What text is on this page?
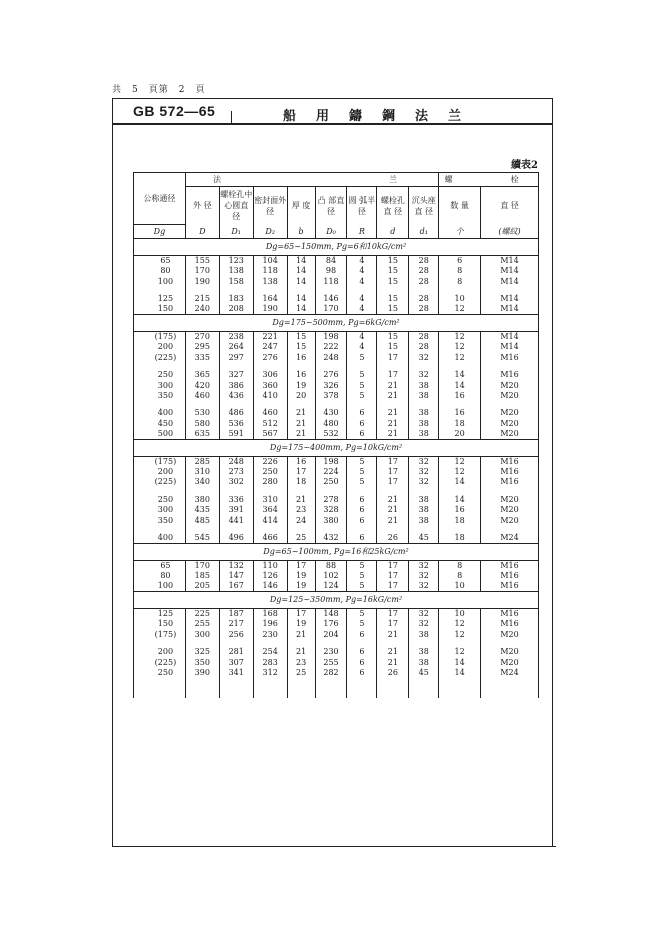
共 5 頁第 2 頁
GB 572—65	船用鑄鋼法兰
續表2
公称通径	法　　　　　　　兰								螺　　栓	
	外 径	螺栓孔中心圆直 径	密封面外 径	厚 度	凸 部直 径	圆 弧半 径	螺栓孔直 径	沉头座直 径	数 量	直 径
Dg	D	D₁	D₂	b	D₀	R	d	d₁	个	(螺紋)
Dg=65~150mm, Pg=6和10kG/cm²										
65	155	123	104	14	84	4	15	28	6	M14
80	170	138	118	14	98	4	15	28	8	M14
100	190	158	138	14	118	4	15	28	8	M14

125	215	183	164	14	146	4	15	28	10	M14
150	240	208	190	14	170	4	15	28	12	M14
Dg=175~500mm, Pg=6kG/cm²										
(175)	270	238	221	15	198	4	15	28	12	M14
200	295	264	247	15	222	4	15	28	12	M14
(225)	335	297	276	16	248	5	17	32	12	M16

250	365	327	306	16	276	5	17	32	14	M16
300	420	386	360	19	326	5	21	38	14	M20
350	460	436	410	20	378	5	21	38	16	M20

400	530	486	460	21	430	6	21	38	16	M20
450	580	536	512	21	480	6	21	38	18	M20
500	635	591	567	21	532	6	21	38	20	M20
Dg=175~400mm, Pg=10kG/cm²										
(175)	285	248	226	16	198	5	17	32	12	M16
200	310	273	250	17	224	5	17	32	12	M16
(225)	340	302	280	18	250	5	17	32	14	M16

250	380	336	310	21	278	6	21	38	14	M20
300	435	391	364	23	328	6	21	38	16	M20
350	485	441	414	24	380	6	21	38	18	M20

400	545	496	466	25	432	6	26	45	18	M24
Dg=65~100mm, Pg=16和25kG/cm²										
65	170	132	110	17	88	5	17	32	8	M16
80	185	147	126	19	102	5	17	32	8	M16
100	205	167	146	19	124	5	17	32	10	M16
Dg=125~350mm, Pg=16kG/cm²										
125	225	187	168	17	148	5	17	32	10	M16
150	255	217	196	19	176	5	17	32	12	M16
(175)	300	256	230	21	204	6	21	38	12	M20

200	325	281	254	21	230	6	21	38	12	M20
(225)	350	307	283	23	255	6	21	38	14	M20
250	390	341	312	25	282	6	26	45	14	M24
